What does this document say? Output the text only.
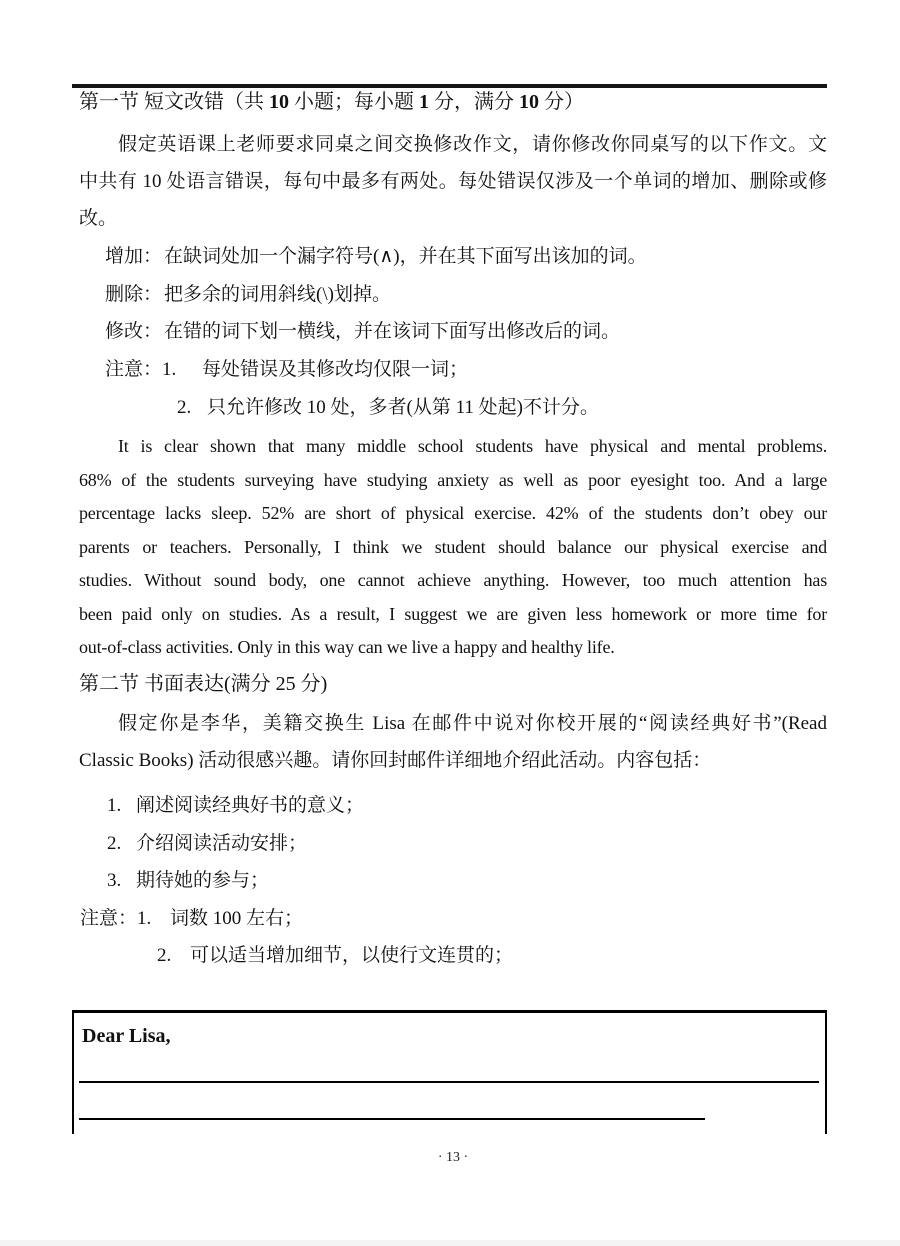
第一节 短文改错（共 10 小题；每小题 1 分，满分 10 分）
假定英语课上老师要求同桌之间交换修改作文，请你修改你同桌写的以下作文。文
中共有 10 处语言错误，每句中最多有两处。每处错误仅涉及一个单词的增加、删除或修
改。
增加： 在缺词处加一个漏字符号(∧)，并在其下面写出该加的词。
删除： 把多余的词用斜线(\)划掉。
修改： 在错的词下划一横线，并在该词下面写出修改后的词。
注意：1. 每处错误及其修改均仅限一词；
2. 只允许修改 10 处，多者(从第 11 处起)不计分。
It is clear shown that many middle school students have physical and mental problems.
68% of the students surveying have studying anxiety as well as poor eyesight too. And a large
percentage lacks sleep. 52% are short of physical exercise. 42% of the students don’t obey our
parents or teachers. Personally, I think we student should balance our physical exercise and
studies. Without sound body, one cannot achieve anything. However, too much attention has
been paid only on studies. As a result, I suggest we are given less homework or more time for
out-of-class activities. Only in this way can we live a happy and healthy life.
第二节 书面表达(满分 25 分)
假定你是李华，美籍交换生 Lisa 在邮件中说对你校开展的“阅读经典好书”(Read
Classic Books) 活动很感兴趣。请你回封邮件详细地介绍此活动。内容包括：
1. 阐述阅读经典好书的意义；
2. 介绍阅读活动安排；
3. 期待她的参与；
注意：1. 词数 100 左右；
2. 可以适当增加细节，以使行文连贯的；
Dear Lisa,
· 13 ·
